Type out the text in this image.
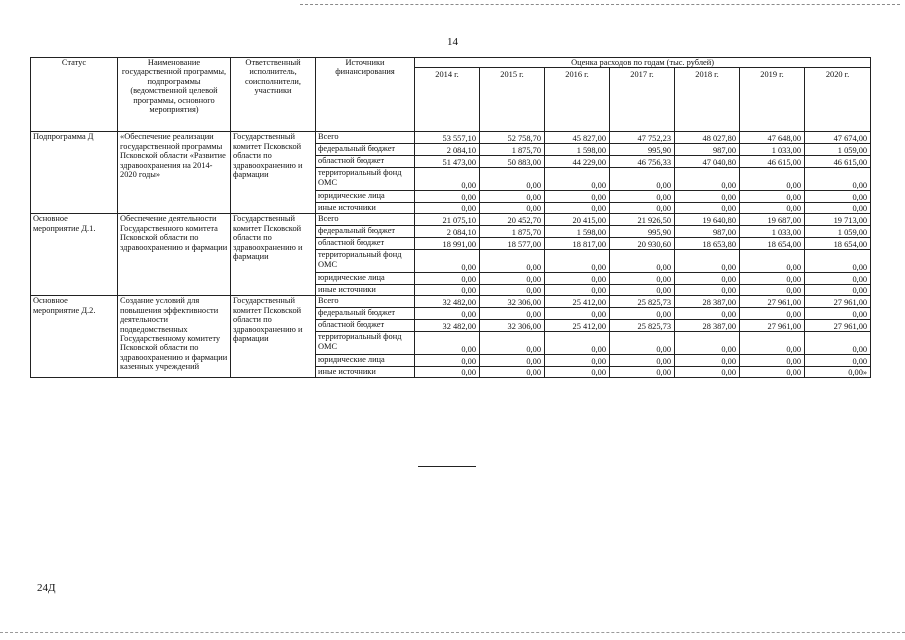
14
Статус	Наименование государственной программы, подпрограммы (ведомственной целевой программы, основного мероприятия)	Ответственный исполнитель, соисполнители, участники	Источники финансирования	Оценка расходов по годам (тыс. рублей)						
				2014 г.	2015 г.	2016 г.	2017 г.	2018 г.	2019 г.	2020 г.
Подпрограмма Д	«Обеспечение реализации государственной программы Псковской области «Развитие здравоохранения на 2014-2020 годы»	Государственный комитет Псковской области по здравоохранению и фармации	Всего	53 557,10	52 758,70	45 827,00	47 752,23	48 027,80	47 648,00	47 674,00
			федеральный бюджет	2 084,10	1 875,70	1 598,00	995,90	987,00	1 033,00	1 059,00
			областной бюджет	51 473,00	50 883,00	44 229,00	46 756,33	47 040,80	46 615,00	46 615,00
			территориальный фонд ОМС	0,00	0,00	0,00	0,00	0,00	0,00	0,00
			юридические лица	0,00	0,00	0,00	0,00	0,00	0,00	0,00
			иные источники	0,00	0,00	0,00	0,00	0,00	0,00	0,00
Основное мероприятие Д.1.	Обеспечение деятельности Государственного комитета Псковской области по здравоохранению и фармации	Государственный комитет Псковской области по здравоохранению и фармации	Всего	21 075,10	20 452,70	20 415,00	21 926,50	19 640,80	19 687,00	19 713,00
			федеральный бюджет	2 084,10	1 875,70	1 598,00	995,90	987,00	1 033,00	1 059,00
			областной бюджет	18 991,00	18 577,00	18 817,00	20 930,60	18 653,80	18 654,00	18 654,00
			территориальный фонд ОМС	0,00	0,00	0,00	0,00	0,00	0,00	0,00
			юридические лица	0,00	0,00	0,00	0,00	0,00	0,00	0,00
			иные источники	0,00	0,00	0,00	0,00	0,00	0,00	0,00
Основное мероприятие Д.2.	Создание условий для повышения эффективности деятельности подведомственных Государственному комитету Псковской области по здравоохранению и фармации казенных учреждений	Государственный комитет Псковской области по здравоохранению и фармации	Всего	32 482,00	32 306,00	25 412,00	25 825,73	28 387,00	27 961,00	27 961,00
			федеральный бюджет	0,00	0,00	0,00	0,00	0,00	0,00	0,00
			областной бюджет	32 482,00	32 306,00	25 412,00	25 825,73	28 387,00	27 961,00	27 961,00
			территориальный фонд ОМС	0,00	0,00	0,00	0,00	0,00	0,00	0,00
			юридические лица	0,00	0,00	0,00	0,00	0,00	0,00	0,00
			иные источники	0,00	0,00	0,00	0,00	0,00	0,00	0,00»
24Д
